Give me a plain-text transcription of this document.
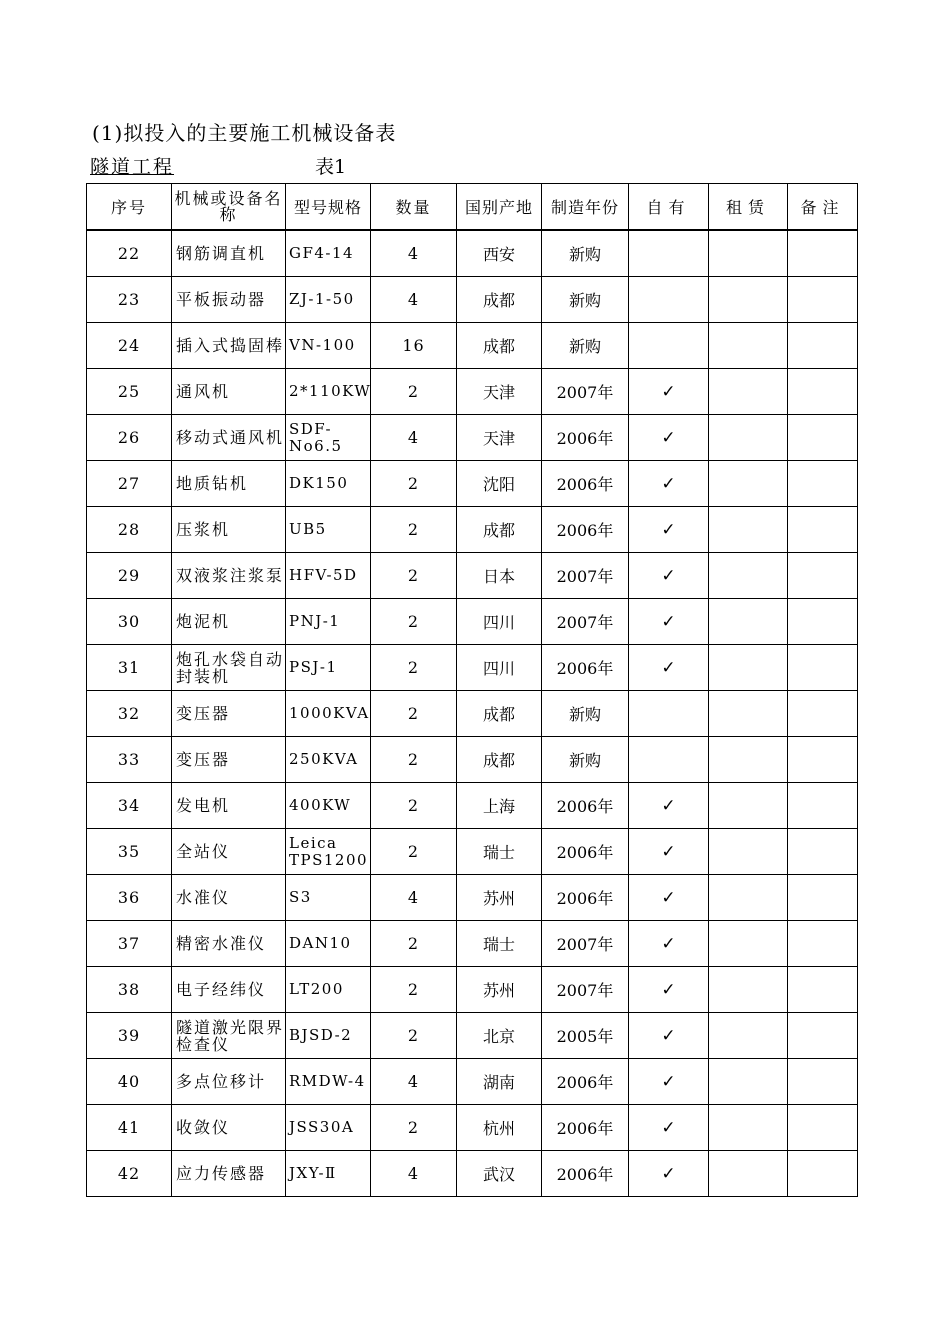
(1)拟投入的主要施工机械设备表
隧道工程	表1
序号	机械或设备名称	型号规格	数量	国别产地	制造年份	自有	租赁	备注
22	钢筋调直机	GF4-14	4	西安	新购			
23	平板振动器	ZJ-1-50	4	成都	新购			
24	插入式捣固棒	VN-100	16	成都	新购			
25	通风机	2*110KW	2	天津	2007年	✓		
26	移动式通风机	SDF-No6.5	4	天津	2006年	✓		
27	地质钻机	DK150	2	沈阳	2006年	✓		
28	压浆机	UB5	2	成都	2006年	✓		
29	双液浆注浆泵	HFV-5D	2	日本	2007年	✓		
30	炮泥机	PNJ-1	2	四川	2007年	✓		
31	炮孔水袋自动封装机	PSJ-1	2	四川	2006年	✓		
32	变压器	1000KVA	2	成都	新购			
33	变压器	250KVA	2	成都	新购			
34	发电机	400KW	2	上海	2006年	✓		
35	全站仪	Leica TPS1200	2	瑞士	2006年	✓		
36	水准仪	S3	4	苏州	2006年	✓		
37	精密水准仪	DAN10	2	瑞士	2007年	✓		
38	电子经纬仪	LT200	2	苏州	2007年	✓		
39	隧道激光限界检查仪	BJSD-2	2	北京	2005年	✓		
40	多点位移计	RMDW-4	4	湖南	2006年	✓		
41	收敛仪	JSS30A	2	杭州	2006年	✓		
42	应力传感器	JXY-Ⅱ	4	武汉	2006年	✓		
